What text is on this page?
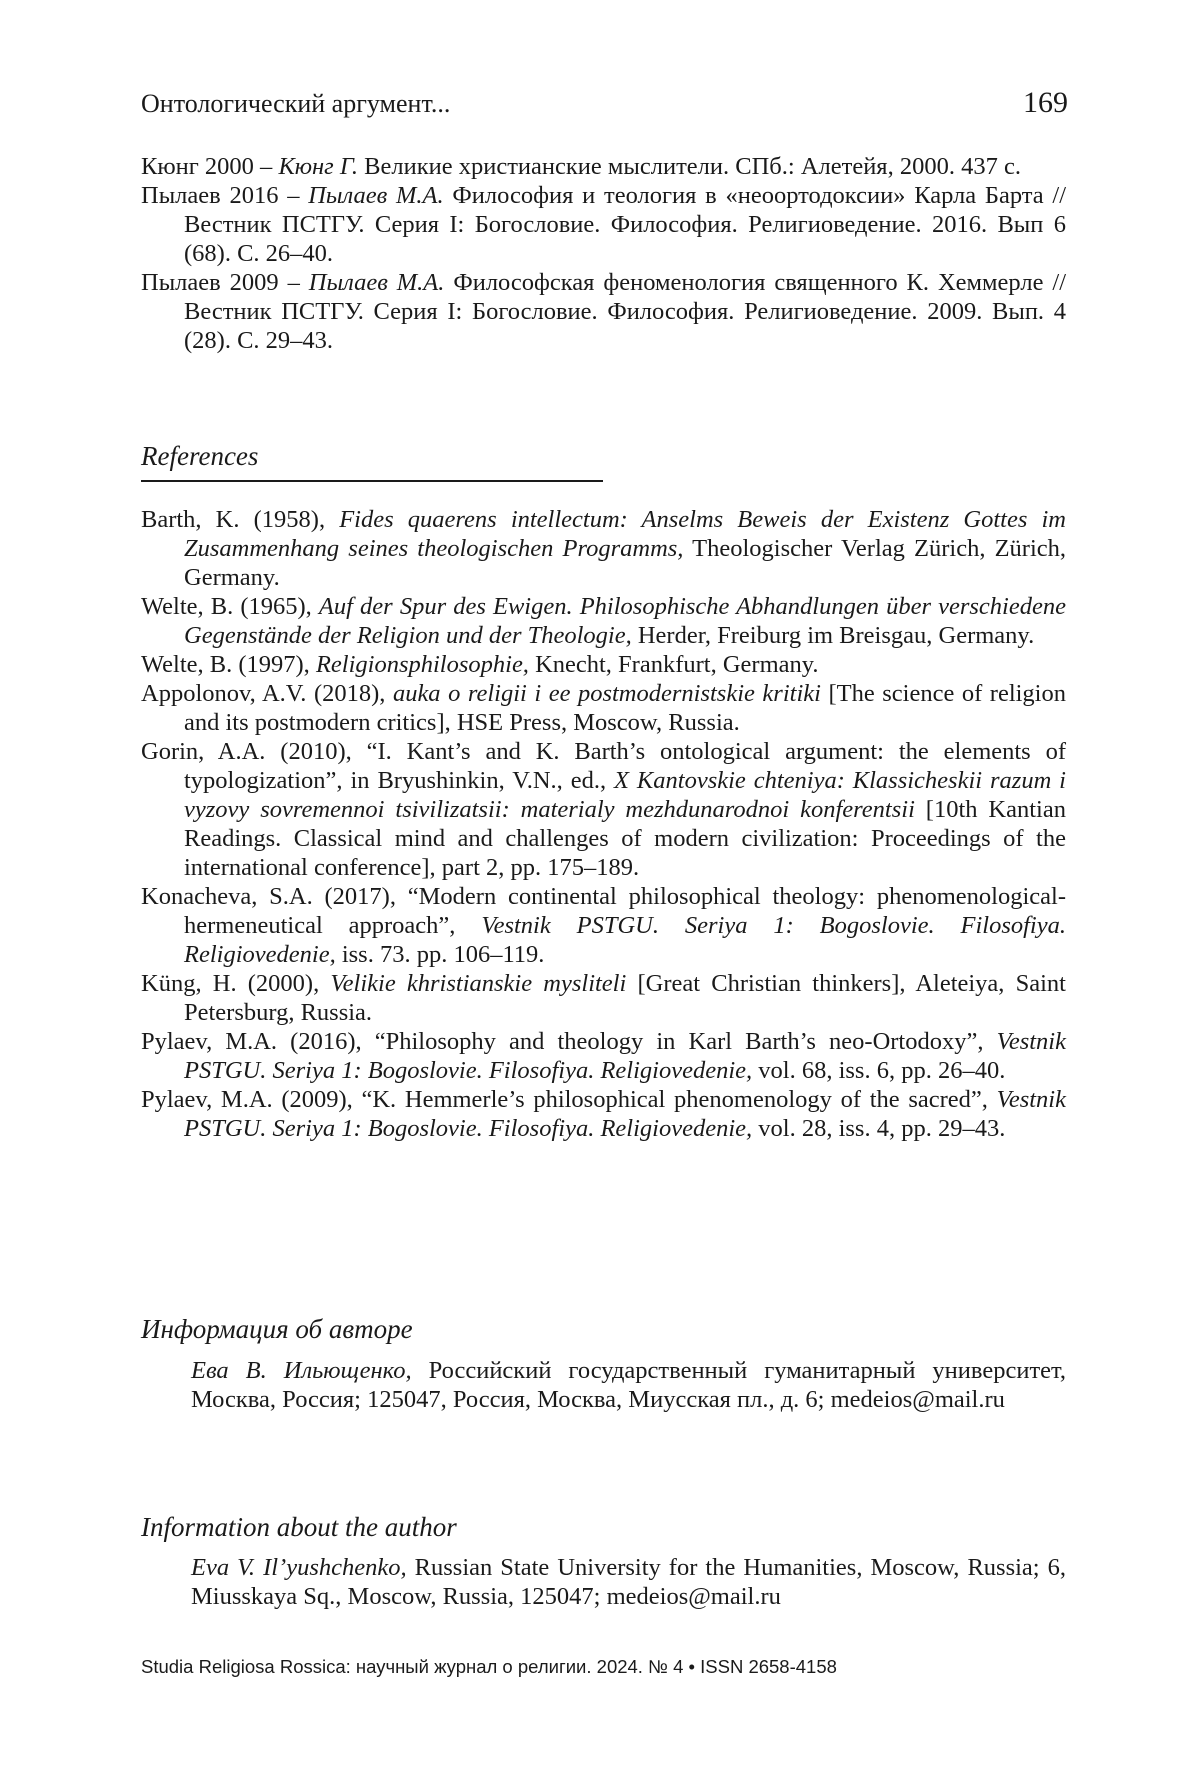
Онтологический аргумент...	169

Кюнг 2000 – Кюнг Г. Великие христианские мыслители. СПб.: Алетейя, 2000. 437 с.

Пылаев 2016 – Пылаев М.А. Философия и теология в «неоортодоксии» Карла Барта // Вестник ПСТГУ. Серия I: Богословие. Философия. Религиоведение. 2016. Вып 6 (68). С. 26–40.

Пылаев 2009 – Пылаев М.А. Философская феноменология священного К. Хеммерле // Вестник ПСТГУ. Серия I: Богословие. Философия. Религиоведение. 2009. Вып. 4 (28). С. 29–43.

References

Barth, K. (1958), Fides quaerens intellectum: Anselms Beweis der Existenz Gottes im Zusammenhang seines theologischen Programms, Theologischer Verlag Zürich, Zürich, Germany.

Welte, B. (1965), Auf der Spur des Ewigen. Philosophische Abhandlungen über verschiedene Gegenstände der Religion und der Theologie, Herder, Freiburg im Breisgau, Germany.

Welte, B. (1997), Religionsphilosophie, Knecht, Frankfurt, Germany.

Appolonov, A.V. (2018), auka o religii i ee postmodernistskie kritiki [The science of religion and its postmodern critics], HSE Press, Moscow, Russia.

Gorin, A.A. (2010), “I. Kant’s and K. Barth’s ontological argument: the elements of typologization”, in Bryushinkin, V.N., ed., X Kantovskie chteniya: Klassicheskii razum i vyzovy sovremennoi tsivilizatsii: materialy mezhdunarodnoi konferentsii [10th Kantian Readings. Classical mind and challenges of modern civilization: Proceedings of the international conference], part 2, pp. 175–189.

Konacheva, S.A. (2017), “Modern continental philosophical theology: phenomenological-hermeneutical approach”, Vestnik PSTGU. Seriya 1: Bogoslovie. Filosofiya. Religiovedenie, iss. 73. pp. 106–119.

Küng, H. (2000), Velikie khristianskie mysliteli [Great Christian thinkers], Aleteiya, Saint Petersburg, Russia.

Pylaev, M.A. (2016), “Philosophy and theology in Karl Barth’s neo-Ortodoxy”, Vestnik PSTGU. Seriya 1: Bogoslovie. Filosofiya. Religiovedenie, vol. 68, iss. 6, pp. 26–40.

Pylaev, M.A. (2009), “K. Hemmerle’s philosophical phenomenology of the sacred”, Vestnik PSTGU. Seriya 1: Bogoslovie. Filosofiya. Religiovedenie, vol. 28, iss. 4, pp. 29–43.

Информация об авторе

Ева В. Ильющенко, Российский государственный гуманитарный университет, Москва, Россия; 125047, Россия, Москва, Миусская пл., д. 6; medeios@mail.ru

Information about the author

Eva V. Il’yushchenko, Russian State University for the Humanities, Moscow, Russia; 6, Miusskaya Sq., Moscow, Russia, 125047; medeios@mail.ru

Studia Religiosa Rossica: научный журнал о религии. 2024. № 4 • ISSN 2658-4158
